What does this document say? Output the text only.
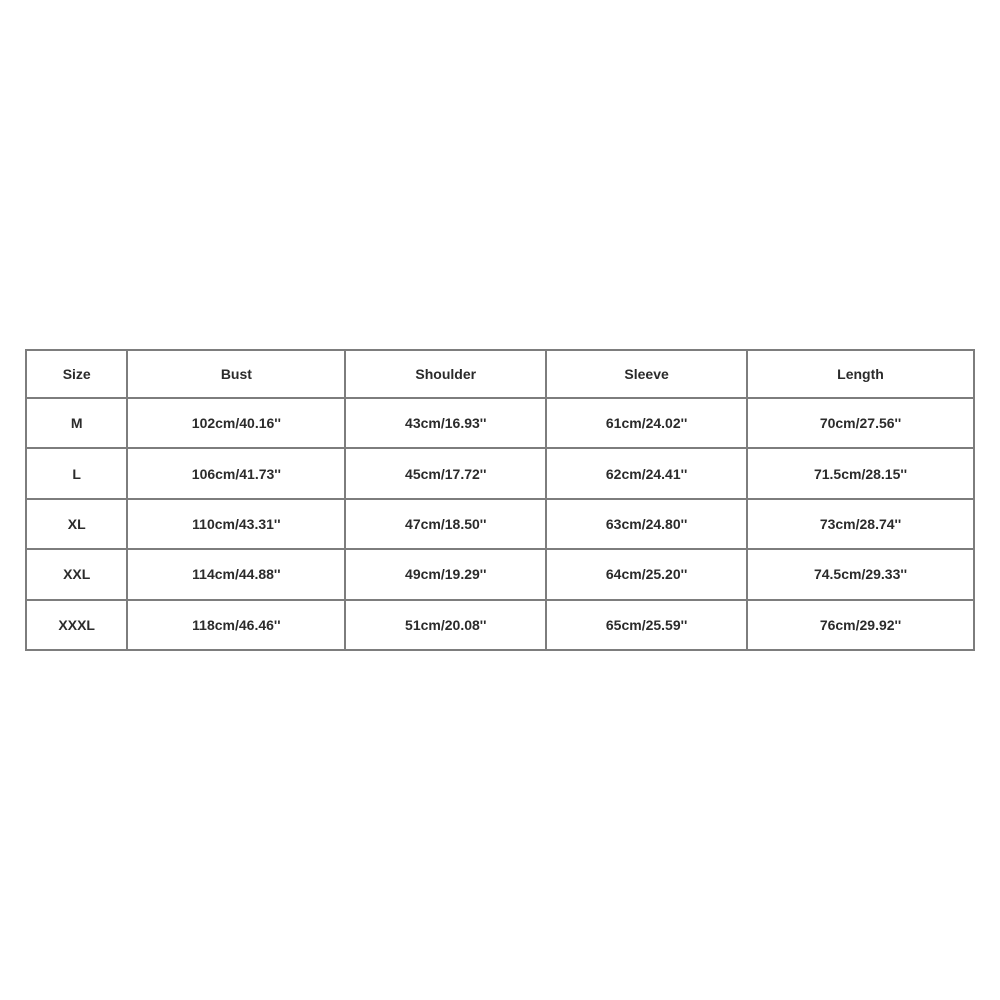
Size	Bust	Shoulder	Sleeve	Length
M	102cm/40.16''	43cm/16.93''	61cm/24.02''	70cm/27.56''
L	106cm/41.73''	45cm/17.72''	62cm/24.41''	71.5cm/28.15''
XL	110cm/43.31''	47cm/18.50''	63cm/24.80''	73cm/28.74''
XXL	114cm/44.88''	49cm/19.29''	64cm/25.20''	74.5cm/29.33''
XXXL	118cm/46.46''	51cm/20.08''	65cm/25.59''	76cm/29.92''
